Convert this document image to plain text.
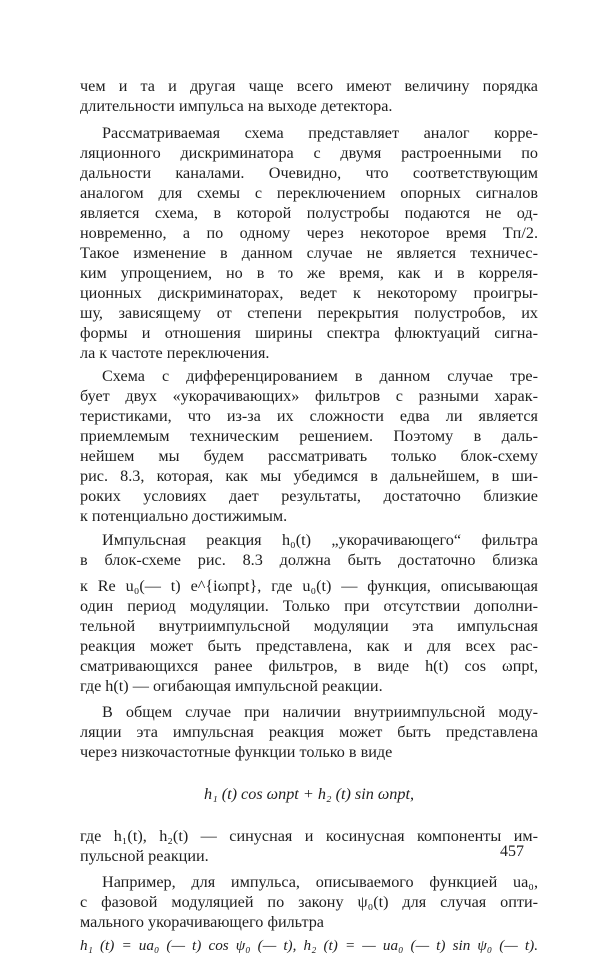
чем и та и другая чаще всего имеют величину порядка
длительности импульса на выходе детектора.
Рассматриваемая схема представляет аналог корре-
ляционного дискриминатора с двумя растроенными по
дальности каналами. Очевидно, что соответствующим
аналогом для схемы с переключением опорных сигналов
является схема, в которой полустробы подаются не од-
новременно, а по одному через некоторое время Tп/2.
Такое изменение в данном случае не является техничес-
ким упрощением, но в то же время, как и в корреля-
ционных дискриминаторах, ведет к некоторому проигры-
шу, зависящему от степени перекрытия полустробов, их
формы и отношения ширины спектра флюктуаций сигна-
ла к частоте переключения.
Схема с дифференцированием в данном случае тре-
бует двух «укорачивающих» фильтров с разными харак-
теристиками, что из-за их сложности едва ли является
приемлемым техническим решением. Поэтому в даль-
нейшем мы будем рассматривать только блок-схему
рис. 8.3, которая, как мы убедимся в дальнейшем, в ши-
роких условиях дает результаты, достаточно близкие
к потенциально достижимым.
Импульсная реакция h₀(t) „укорачивающего“ фильтра
в блок-схеме рис. 8.3 должна быть достаточно близка
к Re u₀(— t) e^{iωпрt}, где u₀(t) — функция, описывающая
один период модуляции. Только при отсутствии дополни-
тельной внутриимпульсной модуляции эта импульсная
реакция может быть представлена, как и для всех рас-
сматривающихся ранее фильтров, в виде h(t) cos ωпрt,
где h(t) — огибающая импульсной реакции.
В общем случае при наличии внутриимпульсной моду-
ляции эта импульсная реакция может быть представлена
через низкочастотные функции только в виде
h₁ (t) cos ωпрt + h₂ (t) sin ωпрt,
где h₁(t), h₂(t) — синусная и косинусная компоненты им-
пульсной реакции.
Например, для импульса, описываемого функцией uа₀,
с фазовой модуляцией по закону ψ₀(t) для случая опти-
мального укорачивающего фильтра
h₁ (t) = uа₀ (— t) cos ψ₀ (— t), h₂ (t) = — uа₀ (— t) sin ψ₀ (— t).
457
